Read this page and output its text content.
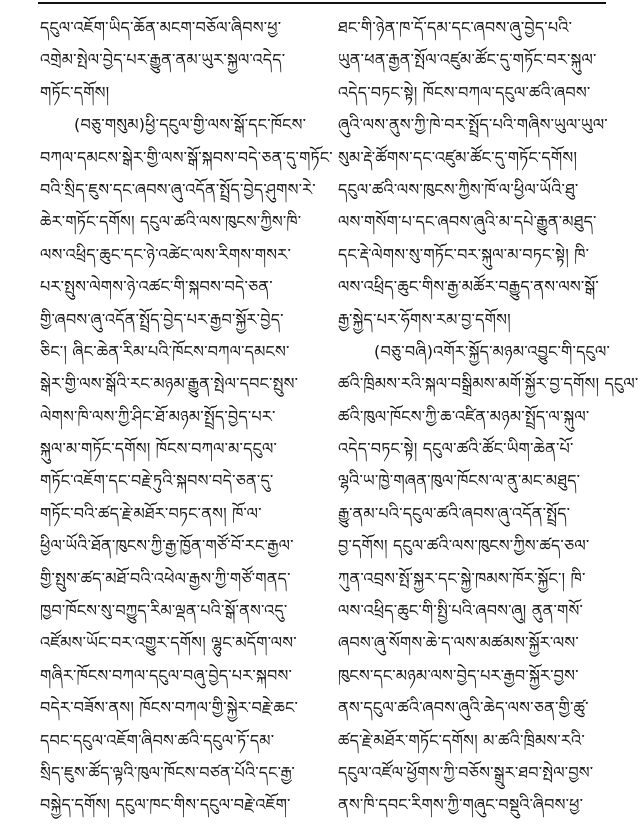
དངུལ་འཇོག་ཡིད་ཆོན་མངག་བཅོལ་ཞིབས་ཕྱ་
འགྲེམ་སྤེལ་བྱེད་པར་རྒྱུན་ནམ་ཡུར་སྐྱལ་འདེད་
གཏོང་དགོས།
(བཅུ་གསུམ)ཕྱི་དངུལ་གྱི་ལས་སྒོ་དང་ཁོངས་
བཀལ་དམངས་སྒེར་གྱི་ལས་སྒོ་སྐབས་བདེ་ཅན་དུ་གཏོང་
བའི་སྲིད་ཇུས་དང་ཞབས་ཞུ་འདོན་སྤྲོད་བྱེད་ཤུགས་རེ་
ཆེར་གཏོང་དགོས། དངུལ་ཚའི་ལས་ཁུངས་ཀྱིས་ཁི་
ལས་འཕྲིད་ཆུང་དང་ཉེ་འཚེང་ལས་རིགས་གསར་
པར་སྤུས་ལེགས་ཉེ་འཚང་གི་སྐབས་བདེ་ཅན་
གྱི་ཞབས་ཞུ་འདོན་སྤྲོད་བྱེད་པར་རྒྱབ་སྐྱོར་བྱེད་
ཅིང་། ཞིང་ཆེན་རིམ་པའི་ཁོངས་བཀལ་དམངས་
སྒེར་གྱི་ལས་སྒོའི་རང་མཉམ་རྒྱུན་སྤེལ་དབང་སྤུས་
ལེགས་ཁི་ལས་ཀྱི་ཤིང་ཐོ་མཉམ་སྤྲོད་བྱེད་པར་
སྐུལ་མ་གཏོང་དགོས། ཁོངས་བཀལ་མ་དངུལ་
གཏོང་འཇོག་དང་བརྗེ་ཏུའི་སྐབས་བདེ་ཅན་དུ་
གཏོང་བའི་ཚད་རྗེ་མཐོར་བཏང་ནས། ཁོ་ལ་
ཕྱིལ་ཡོའི་ཐོན་ཁུངས་ཀྱི་རྒྱ་ཁྱོན་གཙོ་བོ་རང་རྒྱལ་
གྱི་སྤུས་ཚད་མཐོ་བའི་འཕེལ་རྒྱས་ཀྱི་གཙོ་གནད་
ཁྱབ་ཁོངས་སུ་བཀྱུད་རིམ་ལྡན་པའི་སྒོ་ནས་འདུ་
འཛོམས་ཡོང་བར་འགྱུར་དགོས། ལྷུང་མདོག་ལས་
གཞིར་ཁོངས་བཀལ་དངུལ་བཞུ་བྱེད་པར་སྐབས་
བདེར་བཟོས་ནས། ཁོངས་བཀལ་གྱི་སྐྱེར་བརྗེ་ཆང་
དབང་དངུལ་འཇོག་ཞིབས་ཚའི་དངུལ་ཏོ་དམ་
སྲིད་ཇུས་ཚོད་ལྟའི་ཁུལ་ཁོངས་བཙན་པོའི་དང་རྒྱ་
བསྐྱེད་དགོས། དངུལ་ཁང་གིས་དངུལ་བརྗེ་འཇོག་
ཐང་གི་ཉེན་ཁ་དོ་དམ་དང་ཞབས་ཞུ་བྱེད་པའི་
ཡུན་ཕན་རྒྱན་སྤོལ་འཛུམ་ཚོང་དུ་གཏོང་བར་སྐུལ་
འདེད་བཏང་སྟེ། ཁོངས་བཀལ་དངུལ་ཚའི་ཞབས་
ཞུའི་ལས་ནུས་ཀྱི་ཁེ་བར་སྤྲོད་པའི་གཞིས་ཡུལ་ཡུལ་
སུམ་རྡེ་ཚོགས་དང་འཛུམ་ཚོང་དུ་གཏོང་དགོས།
དངུལ་ཚའི་ལས་ཁུངས་ཀྱིས་ཁོ་ལ་ཕྱིལ་ཡོའི་ཐུ་
ལས་གསོག་པ་དང་ཞབས་ཞུའི་མ་དཔེ་རྒྱུན་མཐུད་
དང་རྡེ་ལེགས་སུ་གཏོང་བར་སྐུལ་མ་བཏང་སྟེ། ཁི་
ལས་འཕྲིད་ཆུང་གིས་རྒྱ་མཚོར་བརྒྱུད་ནས་ལས་སྒོ་
རྒྱ་སྐྱེད་པར་ཧོགས་རམ་བྱ་དགོས།
(བཅུ་བཞི)འགོར་སྐྱོད་མཉམ་འབྱུང་གི་དངུལ་
ཚའི་ཁྲིམས་རའི་སྐལ་བསྒྲིམས་མགོ་སྐྱོར་བྱ་དགོས། དངུལ་
ཚའི་ཁུལ་ཁོངས་ཀྱི་ཆ་འཛིན་མཉམ་སྤྲོད་ལ་སྐུལ་
འདེད་བཏང་སྟེ། དངུལ་ཚའི་ཚོང་ཡིག་ཆེན་པོ་
ལྷའི་ཡ་ཁྱེ་གཞན་ཁུལ་ཁོངས་ལ་ནུ་མང་མཐུད་
རྒྱུ་ནམ་པའི་དངུལ་ཚའི་ཞབས་ཞུ་འདོན་སྤྲོད་
བྱ་དགོས། དངུལ་ཚའི་ལས་ཁུངས་ཀྱིས་ཚད་ཅལ་
ཀུན་འབྲས་སྤོ་སྐྱར་དང་སྐྱེ་ཁམས་ཁོར་སྐྱོང་། ཁི་
ལས་འཕྲིད་ཆུང་གི་སྤྱི་པའི་ཞབས་ཞུ། ནུན་གསོ་
ཞབས་ཞུ་སོགས་ཆེ་ད་ལས་མཚམས་སྐྱོར་ལས་
ཁུངས་དང་མཉམ་ལས་བྱེད་པར་རྒྱབ་སྐྱོར་བྱས་
ནས་དངུལ་ཚའི་ཞབས་ཞུའི་ཆེད་ལས་ཅན་གྱི་ཚུ་
ཚད་རྗེ་མཐོར་གཏོང་དགོས། མ་ཚའི་ཁྲིམས་རའི་
དངུལ་འཛོལ་ཕྱོགས་ཀྱི་བཅོས་སྒྲུར་ཐབ་སྤེལ་བྱས་
ནས་ཁི་དབང་རིགས་ཀྱི་གཞུང་བསྡུའི་ཞིབས་ཕྱ་
